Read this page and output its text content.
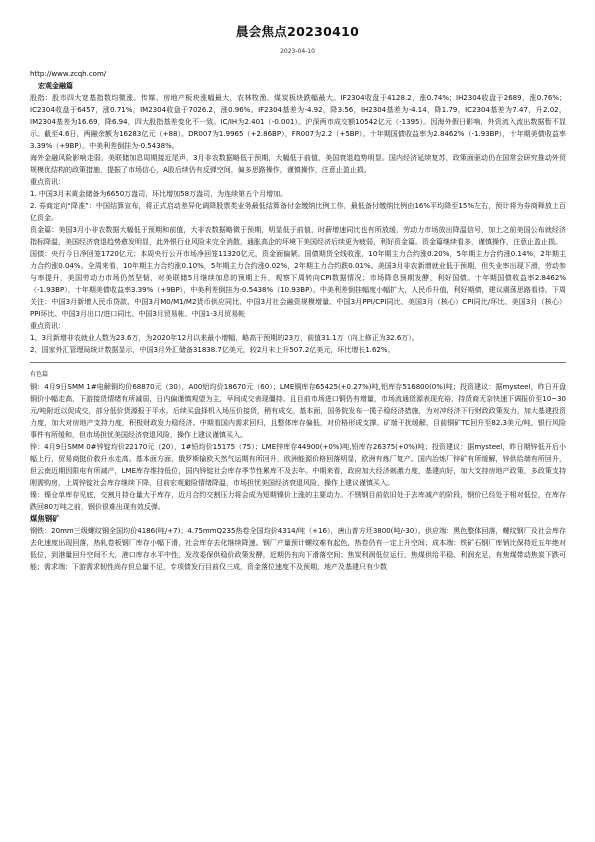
晨会焦点20230410
2023-04-10

http://www.zcqh.com/

宏观金融篇

股指：股市四大宽基指数均微涨。传媒、房地产板块涨幅最大，农林牧渔、煤炭板块跌幅最大。IF2304收盘于4128.2，涨0.74%；IH2304收盘于2689，涨0.76%；IC2304收盘于6457，涨0.71%，IM2304收盘于7026.2，涨0.96%。IF2304基差为-4.92，降3.56，IH2304基差为-4.14，降1.79，IC2304基差为7.47，升2.02，IM2304基差为16.69，降6.94，四大股指基差变化不一致。IC/IH为2.401（-0.001）。沪深两市成交额10542亿元（-1395）。因海外假日影响，外资流入流出数据暂不显示。截至4.6日，两融余额为16283亿元（+88）。DR007为1.9965（+2.86BP），FR007为2.2（+5BP）。十年期国债收益率为2.8462%（-1.93BP），十年期美债收益率3.39%（+9BP）。中美利差倒挂为-0.5438%。

海外金融风险影响走弱，美联储加息周期接近尾声，3月非农数据略低于预期，大幅低于前值，美国衰退趋势明显。国内经济延续复苏，政策面驱动仍在国常会研究推动外贸规模优结构的政策措施，提振了市场信心，A股后续仍有反弹空间，偏多思路操作，谨慎操作，注意止盈止损。

重点资讯：

1. 中国3月末黄金储备为6650万盎司，环比增加58万盎司，为连续第五个月增加。

2. 券商定向“降准”：中国结算宣布，将正式启动差异化调降股票类业务最低结算备付金缴纳比例工作，最低备付缴纳比例由16%平均降至15%左右，预计将为券商释放上百亿资金。

资金篇：美国3月小非农数据大幅低于预期和前值，大非农数据略微于预期，明显低于前值，时薪增速同比也有所放缓，劳动力市场放出降温信号，加上之前美国公布就经济指标降温，美国经济衰退趋势愈发明显，此外银行业风险未完全消散，通胀高企的环境下美国经济后续更为疲弱，利好资金篇。资金篇继续看多，谨慎操作，注意止盈止损。

国债：央行今日净回笼1720亿元；本周央行公开市场净回笼11320亿元，资金面偏紧。国债期货全线收涨，10年期主力合约涨0.20%，5年期主力合约涨0.14%，2年期主力合约涨0.04%。全周来看，10年期主力合约涨0.10%，5年期主力合约涨0.02%，2年期主力合约跌0.01%。美国3月非农新增就业低于预期，但失业率出现下滑，劳动参与率提升，美国劳动力市场仍然坚韧，对美联储5月继续加息的预期上升，观察下周转向CPI数据情况；市场降息预期发酵，利好国债。十年期国债收益率2.8462%（-1.93BP），十年期美债收益率3.39%（+9BP），中美利差倒挂为-0.5438%（10.93BP）。中美利差倒挂幅度小幅扩大，人民币升值，利好期债，建议震荡思路看待。下周关注：中国3月新增人民币贷款、中国3月M0/M1/M2货币供应同比、中国3月社会融资规模增量、中国3月PPI/CPI同比、美国3月（核心）CPI同比/环比、美国3月（核心）PPI环比、中国3月出口/进口同比、中国3月贸易帐、中国1-3月贸易帐

重点资讯：

1、3月新增非农就业人数为23.6万，为2020年12月以来最小增幅，略高于预期的23万，前值31.1万（向上修正为32.6万）。

2、国家外汇管理局统计数据显示，中国3月外汇储备31838.7亿美元，较2月末上升507.2亿美元，环比增长1.62%。

有色篇

铜：4月9日SMM 1#电解铜均价68870元（30），A00铝均价18670元（60）；LME铜库存65425(+0.27%)吨,铝库存516800(0%)吨；投资建议：据mysteel，昨日开盘铜价小幅走高，下游接货情绪有所减弱，日内偏谨慎观望为主，早间成交表现僵持。且目前市场进口铜仍有增量，市场流通货源表现充裕，持货商无奈快速下调报价至10~30元/吨附近以促成交，部分低价货源报于平水，后续买盘择机入场压价接货，稍有成交。基本面，国务院发布一揽子稳经济措施，为对冲经济下行财政政策发力，加大基建投资力度，加大对房地产支持力度，积极财政发力稳经济。中期看国内需求回归，且整体库存偏低，对价格形成支撑。矿端干扰缓解，目前铜矿TC回升至82.3美元/吨，银行风险事件有所缓和，但市场担忧美国经济衰退风险，操作上建议谨慎买入。

锌：4月9日SMM 0#锌锭均价22170元（20），1#铅均价15175（75）；LME锌库存44900(+0%)吨,铅库存26375(+0%)吨；投资建议：据mysteel，昨日期锌低开后小幅上行，贸易商挺价救升水走高。基本面方面，俄罗斯输欧天然气运期有所回升，欧洲能源价格回落明显，欧洲有炼厂复产。国内冶炼厂锌矿有所缓解，锌供给端有所回升，但云南近期因限电有所减产，LME库存维持低位，国内锌锭社会库存季节性累库不及去年。中期来看，政府加大经济刺激力度，基建向好，加大支持房地产政策，多政策支持刚需购房，上周锌锭社会库存继续下降，目前宏观避险情绪降温，市场担忧美国经济衰退风险，操作上建议谨慎买入。

镍：镍仓单库存见底，交割月持仓量大于库存，近月合约交割压力将会成为短期镍价上涨的主要动力。不锈钢目前依旧处于去库减产的阶段，钢价已经处于相对低位，在库存跌回80万吨之前，钢价很难出现有效反弹。

煤焦钢矿

钢铁：20mm三级螺纹钢全国均价4186(吨/+7)；4.75mmQ235热卷全国均价4314/吨（+16），唐山普方坯3800(吨/-30）。供应端：黑色整体回落，螺纹钢厂及社会库存去化速度出现回落，热轧卷板钢厂库存小幅下滑，社会库存去化继续降速。钢厂产量预计螺纹难有起色，热卷仍有一定上升空间；成本端：铁矿石钢厂库销比保持近五年绝对低位，到港量回升空间不大，港口库存水平中性，发改委保供稳价政策发酵，近期仍有向下滑落空间；焦炭利润低位运行，焦煤供给平稳、利润充足，有焦煤带动焦炭下跌可能；需求端：下游需求韧性尚存但总量不足，专项债发行目前仅三成，资金落位速度不及预期，地产及基建只有少数
